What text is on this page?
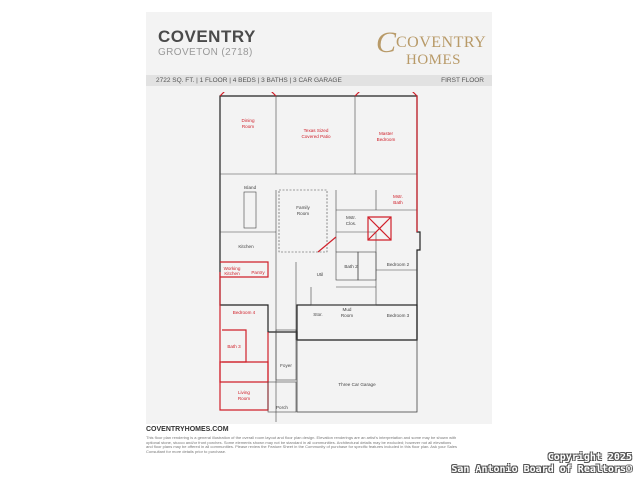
COVENTRY
GROVETON (2718)	C COVENTRY
HOMES
2722 SQ. FT. | 1 FLOOR | 4 BEDS | 3 BATHS | 3 CAR GARAGE	FIRST FLOOR
Dining
Room
Texas Sized
Covered Patio
Master
Bedroom
Island
Family
Room
Mstr.
Clos.
Mstr.
Bath
Kitchen
Working
Kitchen	Pantry	Util
Bath 2	Bedroom 2
Bedroom 4	Stor.
Mud
Room	Bedroom 3
Bath 3
Foyer
Three Car Garage
Living
Room
Porch
COVENTRYHOMES.COM
This floor plan rendering is a general illustration of the overall room layout and floor plan design. Elevation renderings are an artist's interpretation and some may be shown with optional stone, stucco and/or front porches. Some elements shown may not be standard in all communities. Architectural details may be excluded; however not all elevations and floor plans may be offered in all communities. Please review the Feature Sheet in the Community of purchase for specific features included in this floor plan. Ask your Sales Consultant for more details prior to purchase.
Copyright 2025
San Antonio Board of Realtors®
